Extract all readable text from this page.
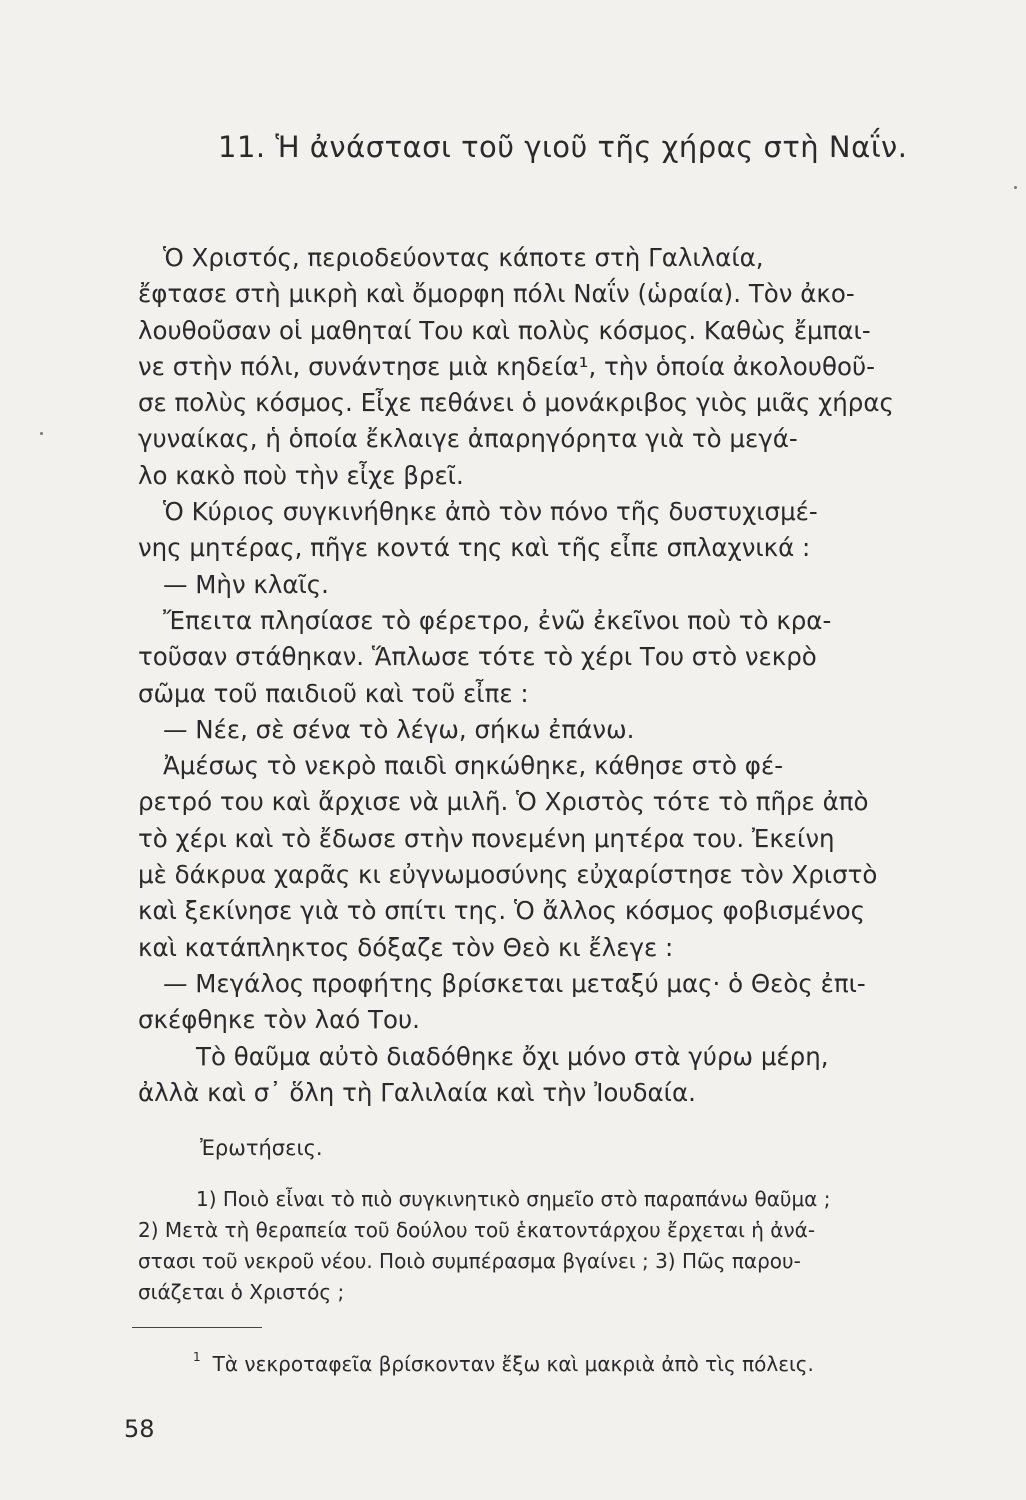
11. Ἡ ἀνάστασι τοῦ γιοῦ τῆς χήρας στὴ Ναΐν.
Ὁ Χριστός, περιοδεύοντας κάποτε στὴ Γαλιλαία,
ἔφτασε στὴ μικρὴ καὶ ὄμορφη πόλι Ναΐν (ὡραία). Τὸν ἀκο-
λουθοῦσαν οἱ μαθηταί Του καὶ πολὺς κόσμος. Καθὼς ἔμπαι-
νε στὴν πόλι, συνάντησε μιὰ κηδεία¹, τὴν ὁποία ἀκολουθοῦ-
σε πολὺς κόσμος. Εἶχε πεθάνει ὁ μονάκριβος γιὸς μιᾶς χήρας
γυναίκας, ἡ ὁποία ἔκλαιγε ἀπαρηγόρητα γιὰ τὸ μεγά-
λο κακὸ ποὺ τὴν εἶχε βρεῖ.
Ὁ Κύριος συγκινήθηκε ἀπὸ τὸν πόνο τῆς δυστυχισμέ-
νης μητέρας, πῆγε κοντά της καὶ τῆς εἶπε σπλαχνικά :
— Μὴν κλαῖς.
Ἔπειτα πλησίασε τὸ φέρετρο, ἐνῶ ἐκεῖνοι ποὺ τὸ κρα-
τοῦσαν στάθηκαν. Ἅπλωσε τότε τὸ χέρι Του στὸ νεκρὸ
σῶμα τοῦ παιδιοῦ καὶ τοῦ εἶπε :
— Νέε, σὲ σένα τὸ λέγω, σήκω ἐπάνω.
Ἀμέσως τὸ νεκρὸ παιδὶ σηκώθηκε, κάθησε στὸ φέ-
ρετρό του καὶ ἄρχισε νὰ μιλῆ. Ὁ Χριστὸς τότε τὸ πῆρε ἀπὸ
τὸ χέρι καὶ τὸ ἔδωσε στὴν πονεμένη μητέρα του. Ἐκείνη
μὲ δάκρυα χαρᾶς κι εὐγνωμοσύνης εὐχαρίστησε τὸν Χριστὸ
καὶ ξεκίνησε γιὰ τὸ σπίτι της. Ὁ ἄλλος κόσμος φοβισμένος
καὶ κατάπληκτος δόξαζε τὸν Θεὸ κι ἔλεγε :
— Μεγάλος προφήτης βρίσκεται μεταξύ μας· ὁ Θεὸς ἐπι-
σκέφθηκε τὸν λαό Του.
Τὸ θαῦμα αὐτὸ διαδόθηκε ὄχι μόνο στὰ γύρω μέρη,
ἀλλὰ καὶ σ᾽ ὅλη τὴ Γαλιλαία καὶ τὴν Ἰουδαία.
Ἐρωτήσεις.
1) Ποιὸ εἶναι τὸ πιὸ συγκινητικὸ σημεῖο στὸ παραπάνω θαῦμα ;
2) Μετὰ τὴ θεραπεία τοῦ δούλου τοῦ ἑκατοντάρχου ἔρχεται ἡ ἀνά-
στασι τοῦ νεκροῦ νέου. Ποιὸ συμπέρασμα βγαίνει ; 3) Πῶς παρου-
σιάζεται ὁ Χριστός ;
$^1$ Τὰ νεκροταφεῖα βρίσκονταν ἔξω καὶ μακριὰ ἀπὸ τὶς πόλεις.
58
